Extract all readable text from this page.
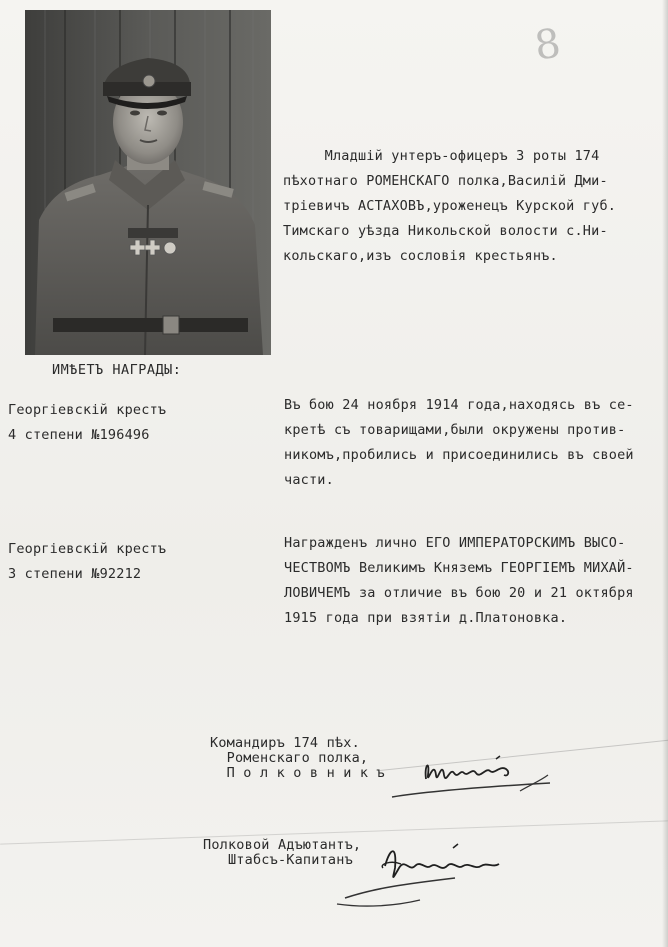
8
Младшiй унтеръ-офицеръ 3 роты 174
пѣхотнаго РОМЕНСКАГО полка,Василiй Дми-
трiевичъ АСТАХОВЪ,уроженецъ Курской губ.
Тимскаго уѣзда Никольской волости с.Ни-
кольскаго,изъ сословiя крестьянъ.
ИМѢЕТЪ НАГРАДЫ:
Георгiевскiй крестъ
4 степени №196496
Въ бою 24 ноября 1914 года,находясь въ се-
кретѣ съ товарищами,были окружены против-
никомъ,пробились и присоединились въ своей
части.
Георгiевскiй крестъ
3 степени №92212
Награжденъ лично ЕГО ИМПЕРАТОРСКИМЪ ВЫСО-
ЧЕСТВОМЪ Великимъ Княземъ ГЕОРГIЕМЪ МИХАЙ-
ЛОВИЧЕМЪ за отличие въ бою 20 и 21 октября
1915 года при взятiи д.Платоновка.
Командиръ 174 пѣх.
Роменскаго полка,
П о л к о в н и к ъ
Полковой Адъютантъ,
Штабсъ-Капитанъ
